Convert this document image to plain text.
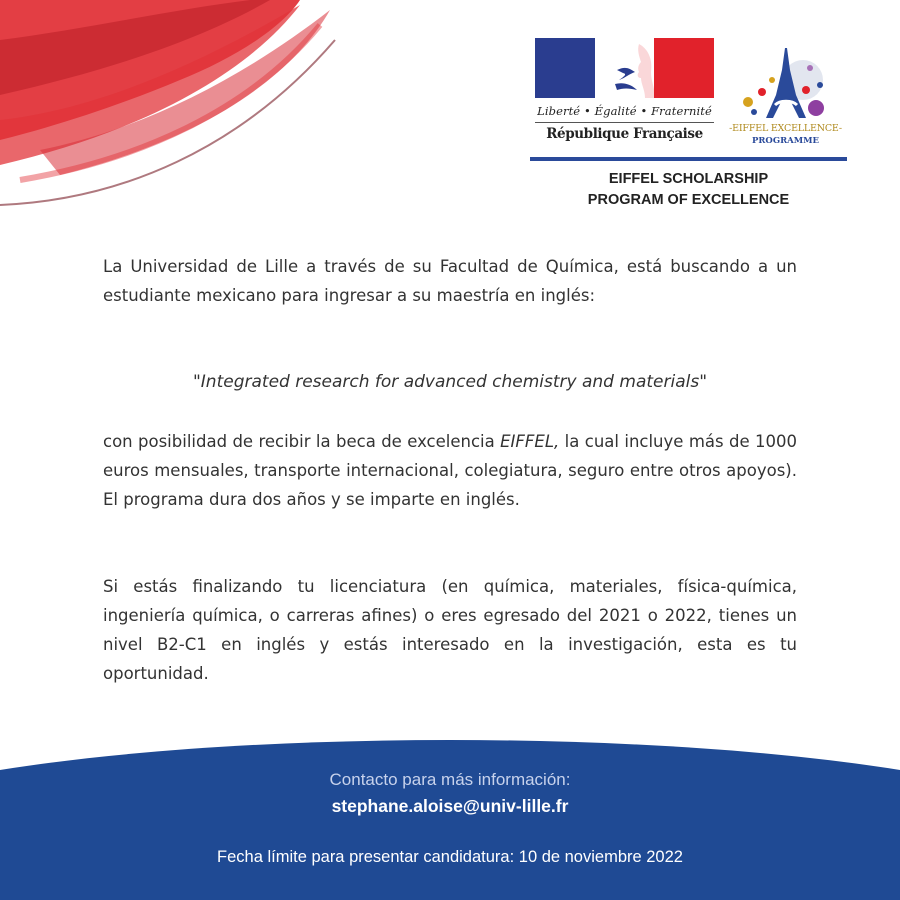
Liberté • Égalité • Fraternité
République Française	-EIFFEL EXCELLENCE-
PROGRAMME
EIFFEL SCHOLARSHIP
PROGRAM OF EXCELLENCE

La Universidad de Lille a través de su Facultad de Química, está buscando a un estudiante mexicano para ingresar a su maestría en inglés:

"Integrated research for advanced chemistry and materials"

con posibilidad de recibir la beca de excelencia EIFFEL, la cual incluye más de 1000 euros mensuales, transporte internacional, colegiatura, seguro entre otros apoyos). El programa dura dos años y se imparte en inglés.

Si estás finalizando tu licenciatura (en química, materiales, física-química, ingeniería química, o carreras afines) o eres egresado del 2021 o 2022, tienes un nivel B2-C1 en inglés y estás interesado en la investigación, esta es tu oportunidad.

Contacto para más información:
stephane.aloise@univ-lille.fr
Fecha límite para presentar candidatura: 10 de noviembre 2022
